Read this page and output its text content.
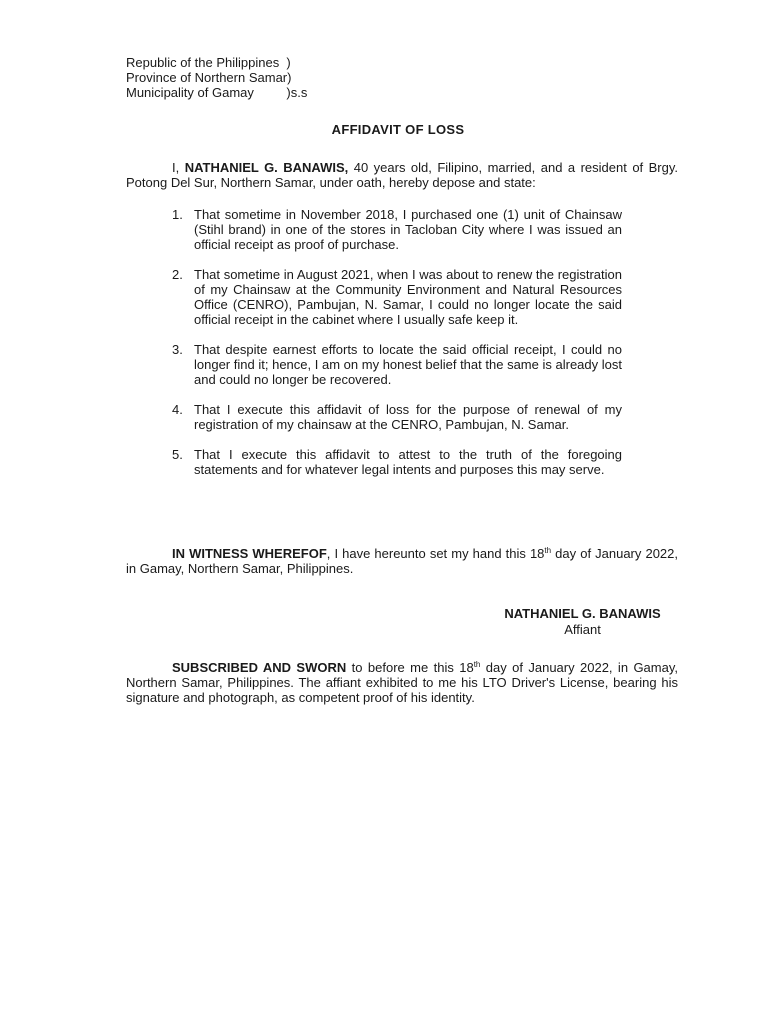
Republic of the Philippines  )
Province of Northern Samar)
Municipality of Gamay         )s.s
AFFIDAVIT OF LOSS
I, NATHANIEL G. BANAWIS, 40 years old, Filipino, married, and a resident of Brgy. Potong Del Sur, Northern Samar, under oath, hereby depose and state:
1. That sometime in November 2018, I purchased one (1) unit of Chainsaw (Stihl brand) in one of the stores in Tacloban City where I was issued an official receipt as proof of purchase.
2. That sometime in August 2021, when I was about to renew the registration of my Chainsaw at the Community Environment and Natural Resources Office (CENRO), Pambujan, N. Samar, I could no longer locate the said official receipt in the cabinet where I usually safe keep it.
3. That despite earnest efforts to locate the said official receipt, I could no longer find it; hence, I am on my honest belief that the same is already lost and could no longer be recovered.
4. That I execute this affidavit of loss for the purpose of renewal of my registration of my chainsaw at the CENRO, Pambujan, N. Samar.
5. That I execute this affidavit to attest to the truth of the foregoing statements and for whatever legal intents and purposes this may serve.
IN WITNESS WHEREFOF, I have hereunto set my hand this 18th day of January 2022, in Gamay, Northern Samar, Philippines.
NATHANIEL G. BANAWIS
Affiant
SUBSCRIBED AND SWORN to before me this 18th day of January 2022, in Gamay, Northern Samar, Philippines. The affiant exhibited to me his LTO Driver's License, bearing his signature and photograph, as competent proof of his identity.
